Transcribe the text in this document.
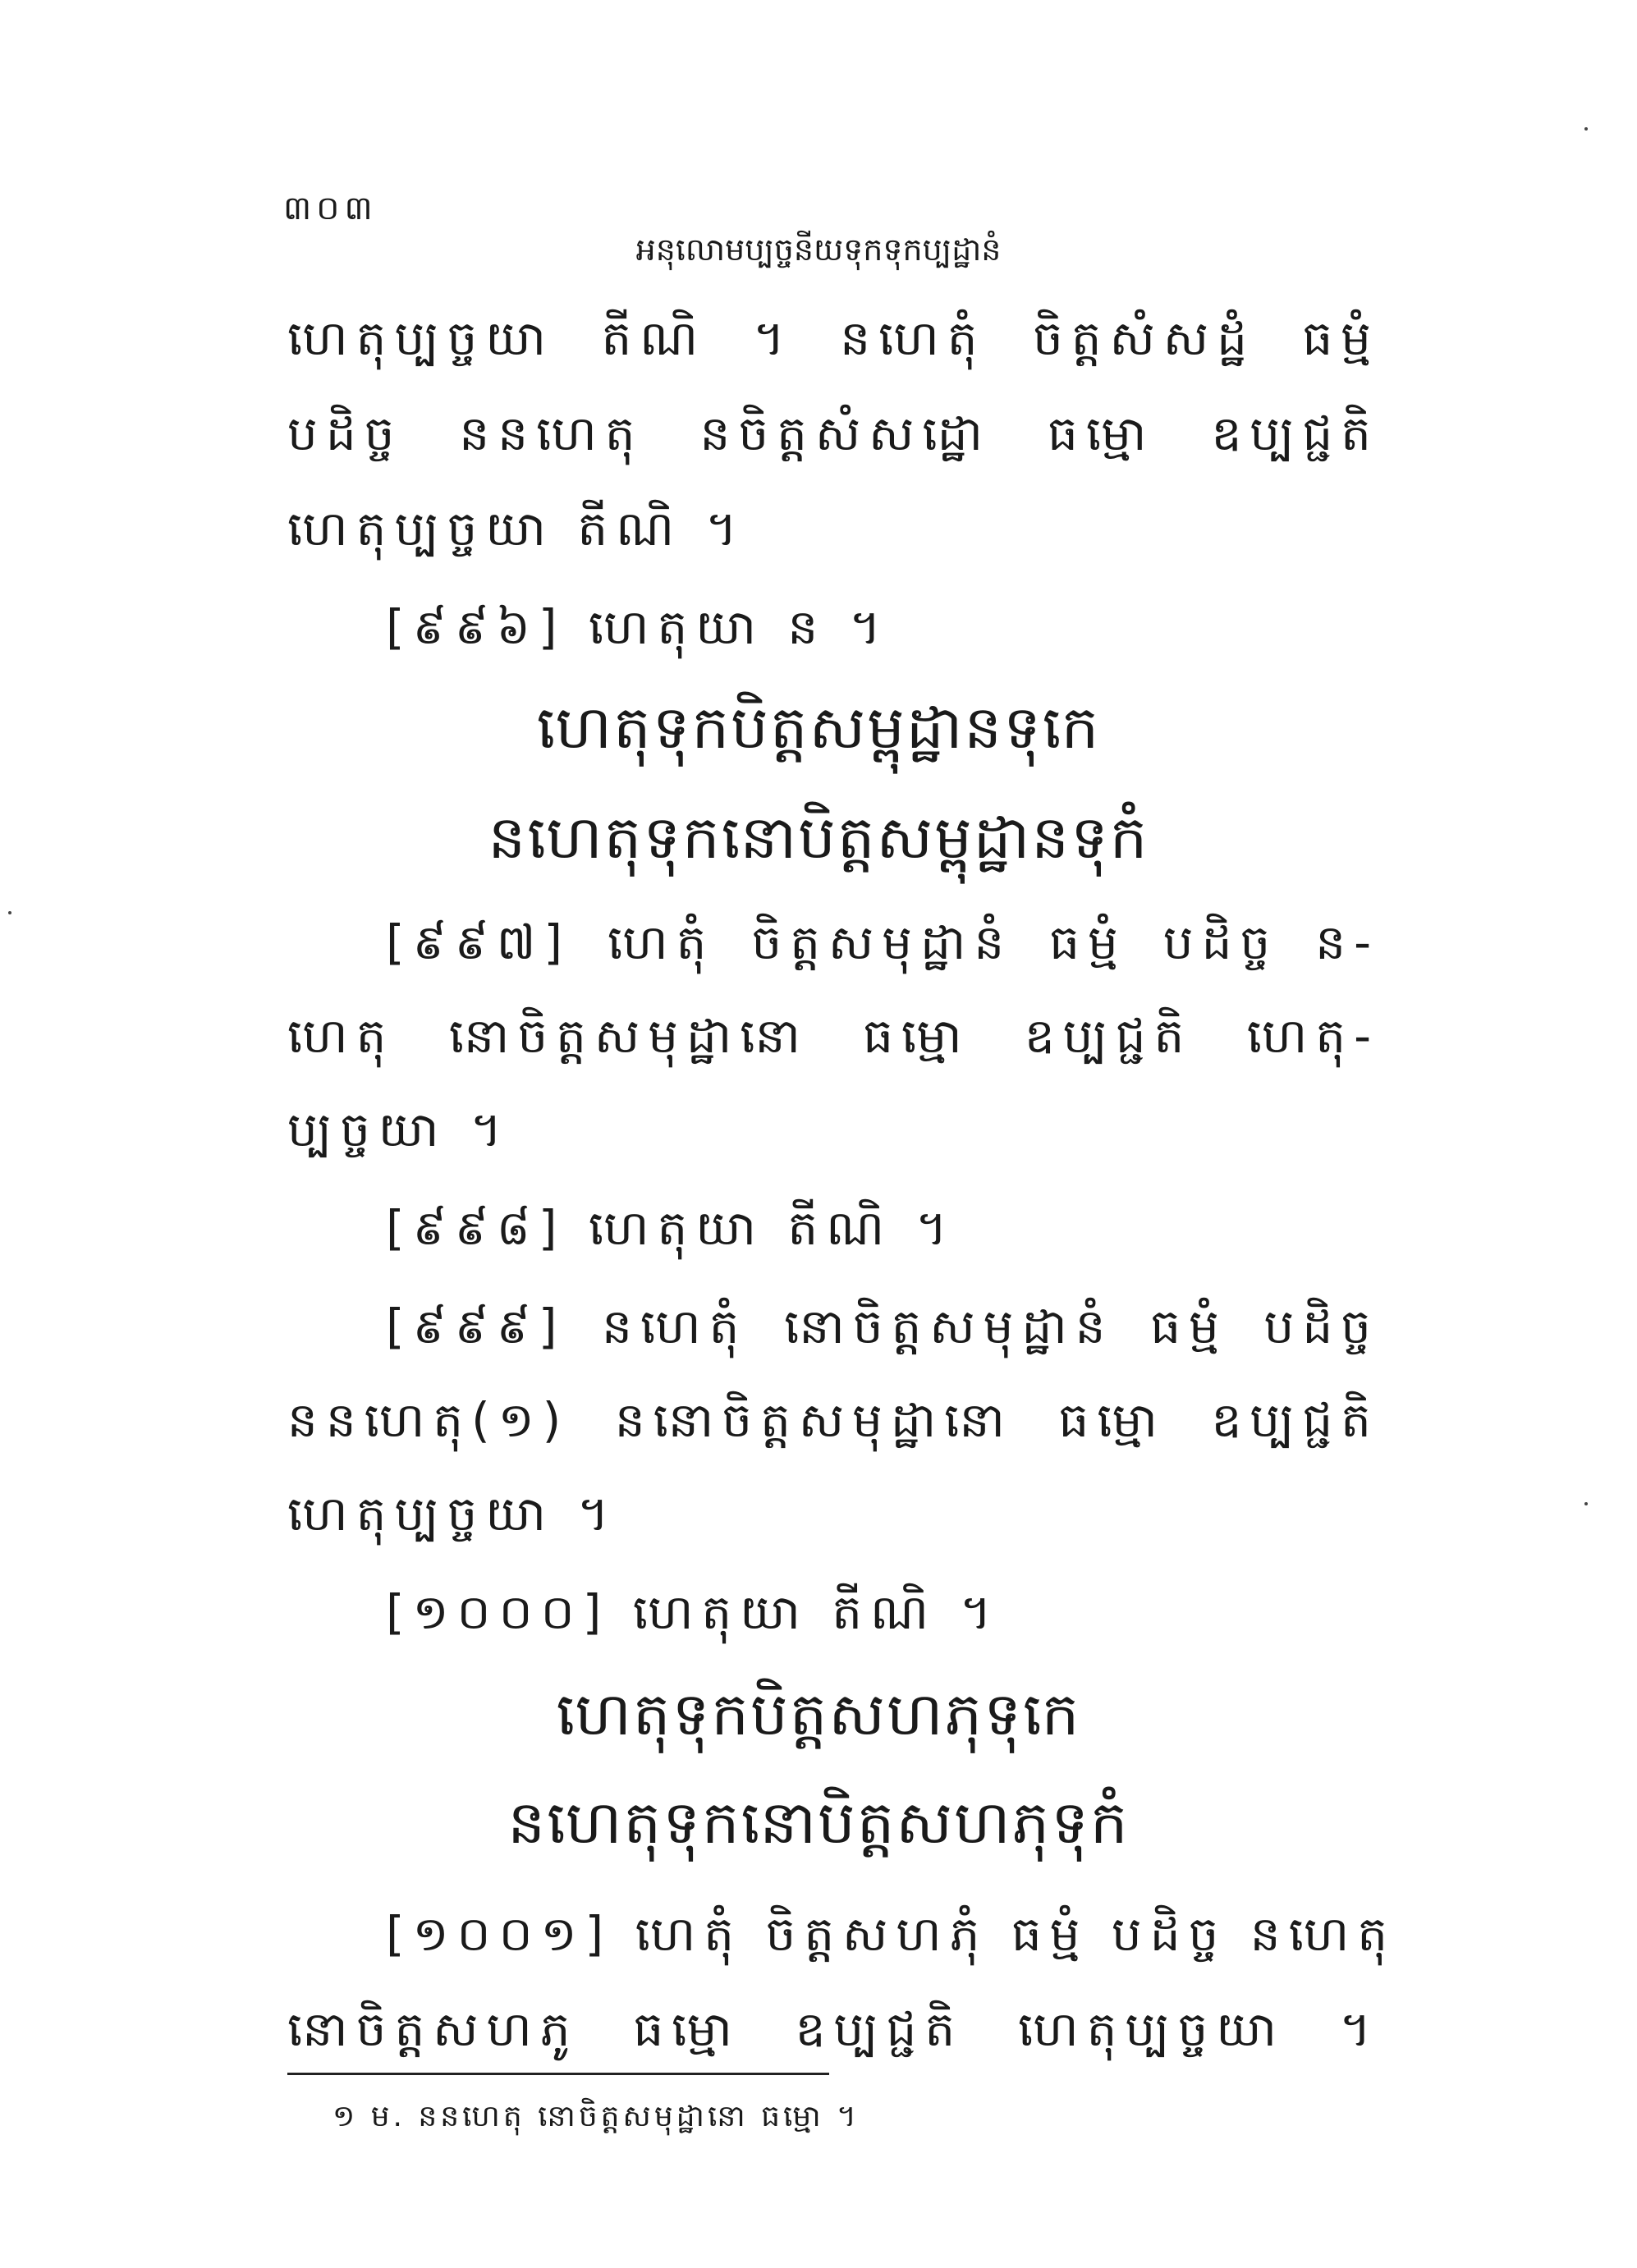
៣០៣
អនុលោមប្បច្ចនីយទុកទុកប្បដ្ឋានំ
ហេតុប្បច្ចយា តីណិ ។ នហេតុំ ចិត្តសំសដ្ឋំ ធម្មំ
បដិច្ច ននហេតុ នចិត្តសំសដ្ឋោ ធម្មោ ឧប្បជ្ជតិ
ហេតុប្បច្ចយា តីណិ ។
[៩៩៦] ហេតុយា ន ។
ហេតុទុកបិត្តសម្ពុដ្ឋានទុកេ
នហេតុទុកនោបិត្តសម្ពុដ្ឋានទុកំ
[៩៩៧] ហេតុំ ចិត្តសមុដ្ឋានំ ធម្មំ បដិច្ច ន-
ហេតុ នោចិត្តសមុដ្ឋានោ ធម្មោ ឧប្បជ្ជតិ ហេតុ-
ប្បច្ចយា ។
[៩៩៨] ហេតុយា តីណិ ។
[៩៩៩] នហេតុំ នោចិត្តសមុដ្ឋានំ ធម្មំ បដិច្ច
ននហេតុ(១) ននោចិត្តសមុដ្ឋានោ ធម្មោ ឧប្បជ្ជតិ
ហេតុប្បច្ចយា ។
[១០០០] ហេតុយា តីណិ ។
ហេតុទុកបិត្តសហភុទុកេ
នហេតុទុកនោបិត្តសហភុទុកំ
[១០០១] ហេតុំ ចិត្តសហភុំ ធម្មំ បដិច្ច នហេតុ
នោចិត្តសហភូ ធម្មោ ឧប្បជ្ជតិ ហេតុប្បច្ចយា ។
១ ម. ននហេតុ នោចិត្តសមុដ្ឋានោ ធម្មោ ។
